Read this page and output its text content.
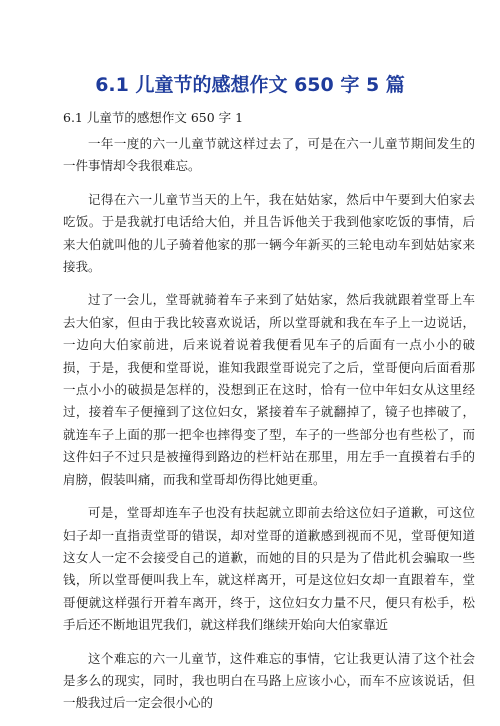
6.1 儿童节的感想作文 650 字 5 篇
6.1 儿童节的感想作文 650 字 1

一年一度的六一儿童节就这样过去了，可是在六一儿童节期间发生的一件事情却令我很难忘。

记得在六一儿童节当天的上午，我在姑姑家，然后中午要到大伯家去吃饭。于是我就打电话给大伯，并且告诉他关于我到他家吃饭的事情，后来大伯就叫他的儿子骑着他家的那一辆今年新买的三轮电动车到姑姑家来接我。

过了一会儿，堂哥就骑着车子来到了姑姑家，然后我就跟着堂哥上车去大伯家，但由于我比较喜欢说话，所以堂哥就和我在车子上一边说话，一边向大伯家前进，后来说着说着我便看见车子的后面有一点小小的破损，于是，我便和堂哥说，谁知我跟堂哥说完了之后，堂哥便向后面看那一点小小的破损是怎样的，没想到正在这时，恰有一位中年妇女从这里经过，接着车子便撞到了这位妇女，紧接着车子就翻掉了，镜子也摔破了，就连车子上面的那一把伞也摔得变了型，车子的一些部分也有些松了，而这件妇子不过只是被撞得到路边的栏杆站在那里，用左手一直摸着右手的肩膀，假装叫痛，而我和堂哥却伤得比她更重。

可是，堂哥却连车子也没有扶起就立即前去给这位妇子道歉，可这位妇子却一直指责堂哥的错误，却对堂哥的道歉感到视而不见，堂哥便知道这女人一定不会接受自己的道歉，而她的目的只是为了借此机会骗取一些钱，所以堂哥便叫我上车，就这样离开，可是这位妇女却一直跟着车，堂哥便就这样强行开着车离开，终于，这位妇女力量不尺，便只有松手，松手后还不断地诅咒我们，就这样我们继续开始向大伯家靠近

这个难忘的六一儿童节，这件难忘的事情，它让我更认清了这个社会是多么的现实，同时，我也明白在马路上应该小心，而车不应该说话，但一般我过后一定会很小心的
